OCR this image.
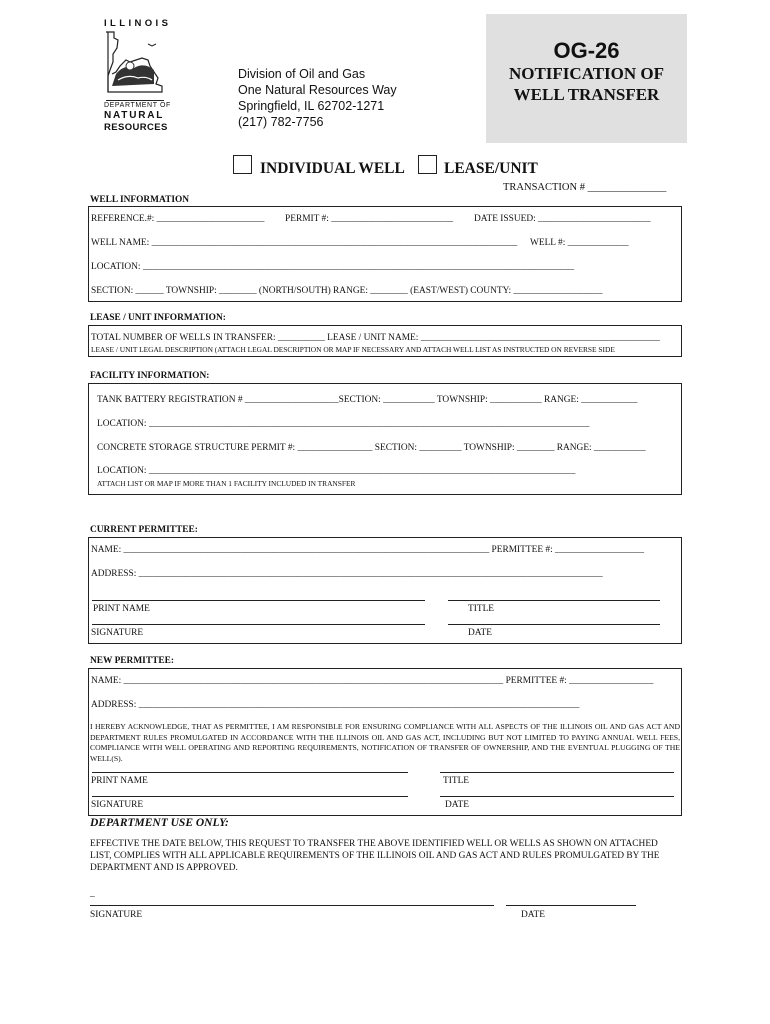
ILLINOIS
DEPARTMENT OF
NATURAL
RESOURCES
Division of Oil and Gas
One Natural Resources Way
Springfield, IL 62702-1271
(217) 782-7756
OG-26
NOTIFICATION OF
WELL TRANSFER
INDIVIDUAL WELL	LEASE/UNIT
TRANSACTION # _______________
WELL INFORMATION
REFERENCE.#: _______________________ PERMIT #: __________________________ DATE ISSUED: ________________________
WELL NAME: ______________________________________________________________________________ WELL #: _____________
LOCATION: ____________________________________________________________________________________________
SECTION: ______ TOWNSHIP: ________ (NORTH/SOUTH) RANGE: ________ (EAST/WEST) COUNTY: ___________________
LEASE / UNIT INFORMATION:
TOTAL NUMBER OF WELLS IN TRANSFER: __________ LEASE / UNIT NAME: ___________________________________________________
LEASE / UNIT LEGAL DESCRIPTION (ATTACH LEGAL DESCRIPTION OR MAP IF NECESSARY AND ATTACH WELL LIST AS INSTRUCTED ON REVERSE SIDE
FACILITY INFORMATION:
TANK BATTERY REGISTRATION # ____________________SECTION: ___________ TOWNSHIP: ___________ RANGE: ____________
LOCATION: ______________________________________________________________________________________________
CONCRETE STORAGE STRUCTURE PERMIT #: ________________ SECTION: _________ TOWNSHIP: ________ RANGE: ___________
LOCATION: ___________________________________________________________________________________________
ATTACH LIST OR MAP IF MORE THAN 1 FACILITY INCLUDED IN TRANSFER
CURRENT PERMITTEE:
NAME: ______________________________________________________________________________ PERMITTEE #: ___________________
ADDRESS: ___________________________________________________________________________________________________
PRINT NAME	TITLE
SIGNATURE	DATE
NEW PERMITTEE:
NAME: _________________________________________________________________________________ PERMITTEE #: __________________
ADDRESS: ______________________________________________________________________________________________
I HEREBY ACKNOWLEDGE, THAT AS PERMITTEE, I AM RESPONSIBLE FOR ENSURING COMPLIANCE WITH ALL ASPECTS OF THE ILLINOIS OIL AND GAS ACT AND DEPARTMENT RULES PROMULGATED IN ACCORDANCE WITH THE ILLINOIS OIL AND GAS ACT, INCLUDING BUT NOT LIMITED TO PAYING ANNUAL WELL FEES, COMPLIANCE WITH WELL OPERATING AND REPORTING REQUIREMENTS, NOTIFICATION OF TRANSFER OF OWNERSHIP, AND THE EVENTUAL PLUGGING OF THE WELL(S).
PRINT NAME	TITLE
SIGNATURE	DATE
DEPARTMENT USE ONLY:
EFFECTIVE THE DATE BELOW, THIS REQUEST TO TRANSFER THE ABOVE IDENTIFIED WELL OR WELLS AS SHOWN ON ATTACHED LIST, COMPLIES WITH ALL APPLICABLE REQUIREMENTS OF THE ILLINOIS OIL AND GAS ACT AND RULES PROMULGATED BY THE DEPARTMENT AND IS APPROVED.
_
SIGNATURE	DATE
